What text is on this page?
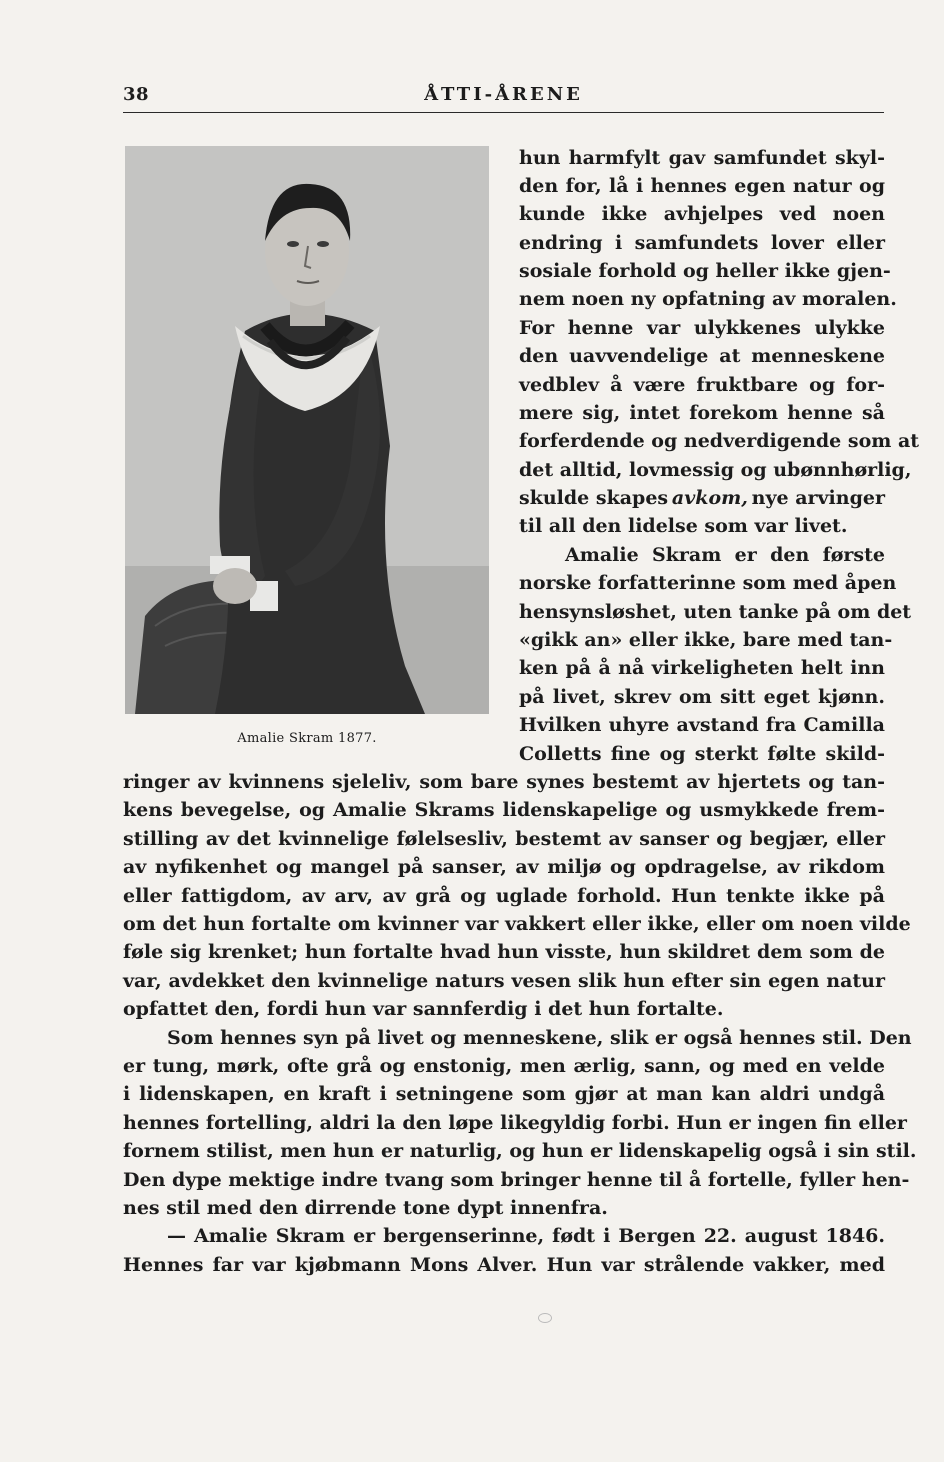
38	ÅTTI-ÅRENE
Amalie Skram 1877.
hun harmfylt gav samfundet skyl-
den for, lå i hennes egen natur og
kunde ikke avhjelpes ved noen
endring i samfundets lover eller
sosiale forhold og heller ikke gjen-
nem noen ny opfatning av moralen.
For henne var ulykkenes ulykke
den uavvendelige at menneskene
vedblev å være fruktbare og for-
mere sig, intet forekom henne så
forferdende og nedverdigende som at
det alltid, lovmessig og ubønnhørlig,
skulde skapes avkom, nye arvinger
til all den lidelse som var livet.
Amalie Skram er den første
norske forfatterinne som med åpen
hensynsløshet, uten tanke på om det
«gikk an» eller ikke, bare med tan-
ken på å nå virkeligheten helt inn
på livet, skrev om sitt eget kjønn.
Hvilken uhyre avstand fra Camilla
Colletts fine og sterkt følte skild-
ringer av kvinnens sjeleliv, som bare synes bestemt av hjertets og tan-
kens bevegelse, og Amalie Skrams lidenskapelige og usmykkede frem-
stilling av det kvinnelige følelsesliv, bestemt av sanser og begjær, eller
av nyfikenhet og mangel på sanser, av miljø og opdragelse, av rikdom
eller fattigdom, av arv, av grå og uglade forhold. Hun tenkte ikke på
om det hun fortalte om kvinner var vakkert eller ikke, eller om noen vilde
føle sig krenket; hun fortalte hvad hun visste, hun skildret dem som de
var, avdekket den kvinnelige naturs vesen slik hun efter sin egen natur
opfattet den, fordi hun var sannferdig i det hun fortalte.
Som hennes syn på livet og menneskene, slik er også hennes stil. Den
er tung, mørk, ofte grå og enstonig, men ærlig, sann, og med en velde
i lidenskapen, en kraft i setningene som gjør at man kan aldri undgå
hennes fortelling, aldri la den løpe likegyldig forbi. Hun er ingen fin eller
fornem stilist, men hun er naturlig, og hun er lidenskapelig også i sin stil.
Den dype mektige indre tvang som bringer henne til å fortelle, fyller hen-
nes stil med den dirrende tone dypt innenfra.
— Amalie Skram er bergenserinne, født i Bergen 22. august 1846.
Hennes far var kjøbmann Mons Alver. Hun var strålende vakker, med
